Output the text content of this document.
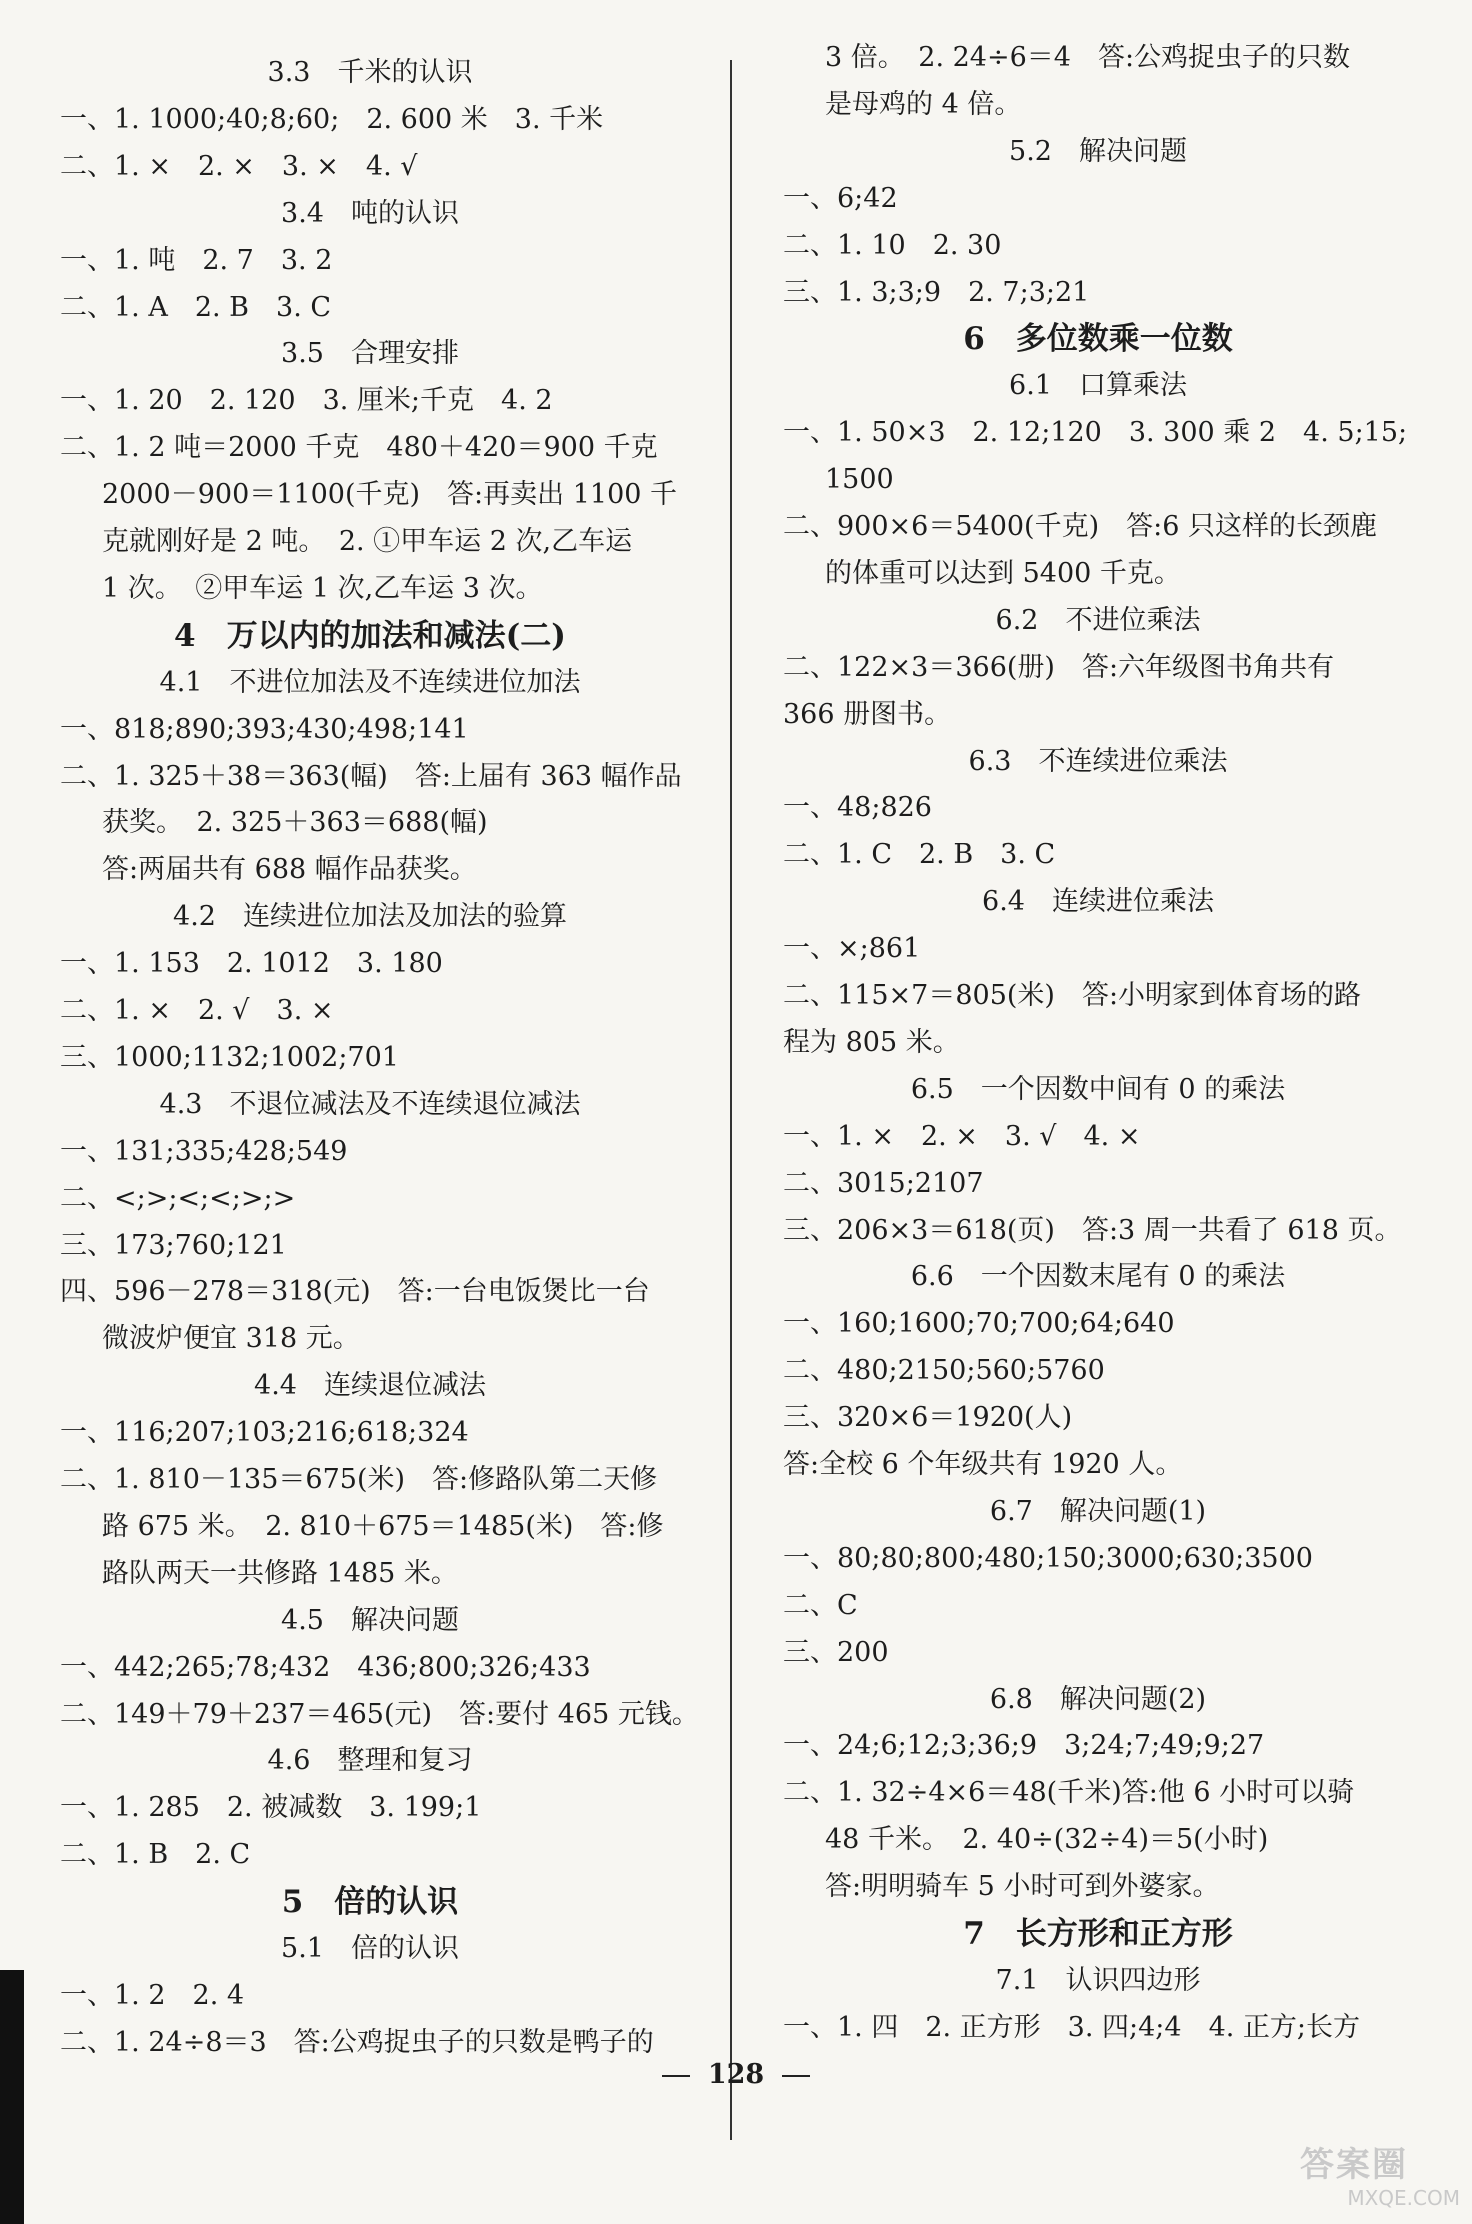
3.3　千米的认识
一、1. 1000;40;8;60;　2. 600 米　3. 千米
二、1. ×　2. ×　3. ×　4. √
3.4　吨的认识
一、1. 吨　2. 7　3. 2
二、1. A　2. B　3. C
3.5　合理安排
一、1. 20　2. 120　3. 厘米;千克　4. 2
二、1. 2 吨＝2000 千克　480＋420＝900 千克
2000－900＝1100(千克)　答:再卖出 1100 千
克就刚好是 2 吨。　2. ①甲车运 2 次,乙车运
1 次。　②甲车运 1 次,乙车运 3 次。
4　万以内的加法和减法(二)
4.1　不进位加法及不连续进位加法
一、818;890;393;430;498;141
二、1. 325＋38＝363(幅)　答:上届有 363 幅作品
获奖。　2. 325＋363＝688(幅)
答:两届共有 688 幅作品获奖。
4.2　连续进位加法及加法的验算
一、1. 153　2. 1012　3. 180
二、1. ×　2. √　3. ×
三、1000;1132;1002;701
4.3　不退位减法及不连续退位减法
一、131;335;428;549
二、<;>;<;<;>;>
三、173;760;121
四、596－278＝318(元)　答:一台电饭煲比一台
微波炉便宜 318 元。
4.4　连续退位减法
一、116;207;103;216;618;324
二、1. 810－135＝675(米)　答:修路队第二天修
路 675 米。　2. 810＋675＝1485(米)　答:修
路队两天一共修路 1485 米。
4.5　解决问题
一、442;265;78;432　436;800;326;433
二、149＋79＋237＝465(元)　答:要付 465 元钱。
4.6　整理和复习
一、1. 285　2. 被减数　3. 199;1
二、1. B　2. C
5　倍的认识
5.1　倍的认识
一、1. 2　2. 4
二、1. 24÷8＝3　答:公鸡捉虫子的只数是鸭子的
3 倍。　2. 24÷6＝4　答:公鸡捉虫子的只数
是母鸡的 4 倍。
5.2　解决问题
一、6;42
二、1. 10　2. 30
三、1. 3;3;9　2. 7;3;21
6　多位数乘一位数
6.1　口算乘法
一、1. 50×3　2. 12;120　3. 300 乘 2　4. 5;15;
1500
二、900×6＝5400(千克)　答:6 只这样的长颈鹿
的体重可以达到 5400 千克。
6.2　不进位乘法
二、122×3＝366(册)　答:六年级图书角共有
366 册图书。
6.3　不连续进位乘法
一、48;826
二、1. C　2. B　3. C
6.4　连续进位乘法
一、×;861
二、115×7＝805(米)　答:小明家到体育场的路
程为 805 米。
6.5　一个因数中间有 0 的乘法
一、1. ×　2. ×　3. √　4. ×
二、3015;2107
三、206×3＝618(页)　答:3 周一共看了 618 页。
6.6　一个因数末尾有 0 的乘法
一、160;1600;70;700;64;640
二、480;2150;560;5760
三、320×6＝1920(人)
答:全校 6 个年级共有 1920 人。
6.7　解决问题(1)
一、80;80;800;480;150;3000;630;3500
二、C
三、200
6.8　解决问题(2)
一、24;6;12;3;36;9　3;24;7;49;9;27
二、1. 32÷4×6＝48(千米)答:他 6 小时可以骑
48 千米。　2. 40÷(32÷4)＝5(小时)
答:明明骑车 5 小时可到外婆家。
7　长方形和正方形
7.1　认识四边形
一、1. 四　2. 正方形　3. 四;4;4　4. 正方;长方
128
答案圈
MXQE.COM
